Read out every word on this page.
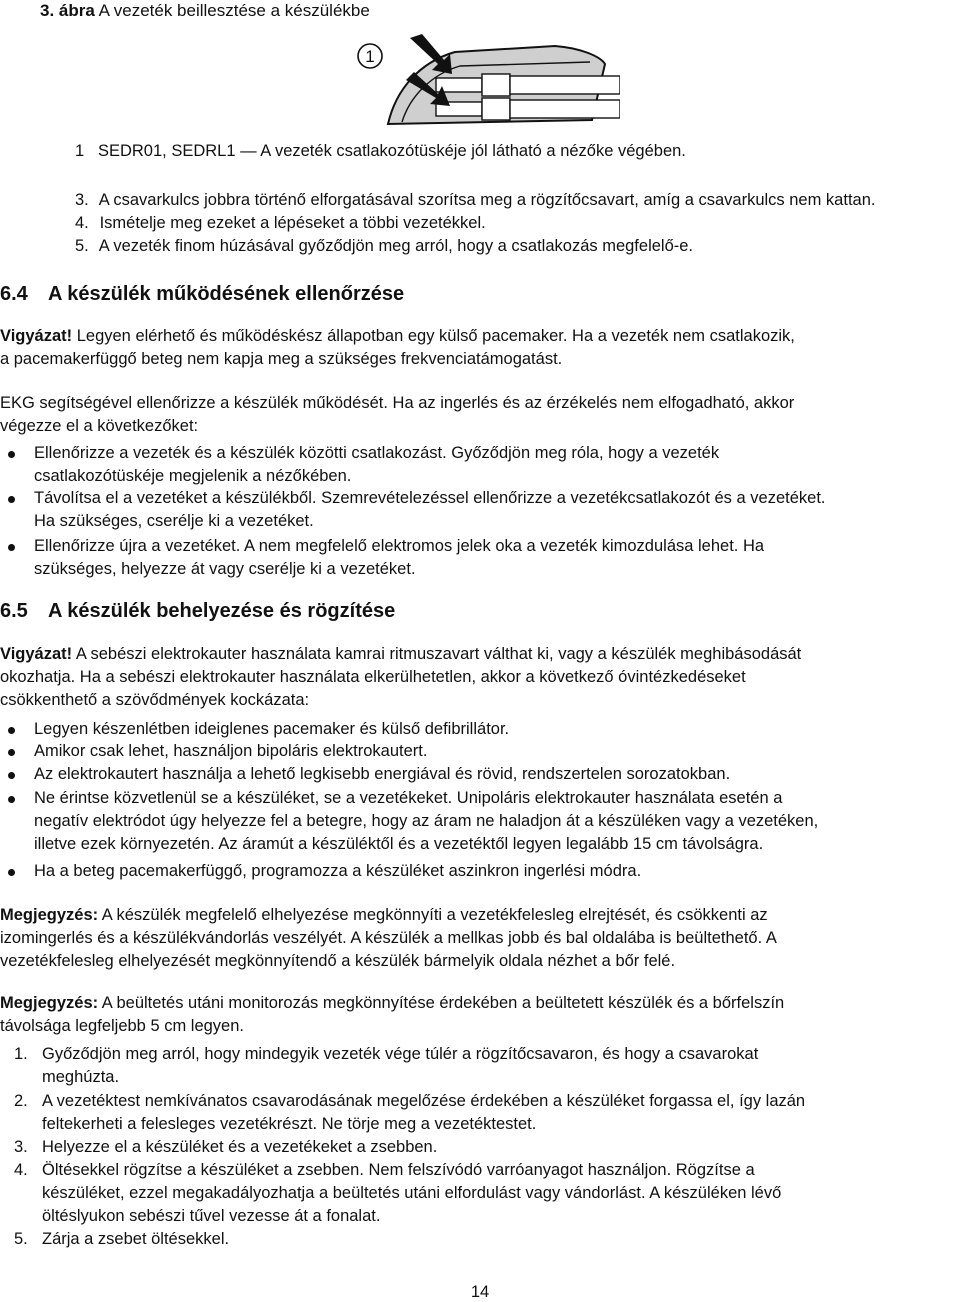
3. ábra A vezeték beillesztése a készülékbe
1
1 SEDR01, SEDRL1 — A vezeték csatlakozótüskéje jól látható a nézőke végében.
3. A csavarkulcs jobbra történő elforgatásával szorítsa meg a rögzítőcsavart, amíg a csavarkulcs nem kattan.
4. Ismételje meg ezeket a lépéseket a többi vezetékkel.
5. A vezeték finom húzásával győződjön meg arról, hogy a csatlakozás megfelelő-e.
6.4 A készülék működésének ellenőrzése
Vigyázat! Legyen elérhető és működéskész állapotban egy külső pacemaker. Ha a vezeték nem csatlakozik,
a pacemakerfüggő beteg nem kapja meg a szükséges frekvenciatámogatást.
EKG segítségével ellenőrizze a készülék működését. Ha az ingerlés és az érzékelés nem elfogadható, akkor
végezze el a következőket:
Ellenőrizze a vezeték és a készülék közötti csatlakozást. Győződjön meg róla, hogy a vezeték
csatlakozótüskéje megjelenik a nézőkében.
Távolítsa el a vezetéket a készülékből. Szemrevételezéssel ellenőrizze a vezetékcsatlakozót és a vezetéket.
Ha szükséges, cserélje ki a vezetéket.
Ellenőrizze újra a vezetéket. A nem megfelelő elektromos jelek oka a vezeték kimozdulása lehet. Ha
szükséges, helyezze át vagy cserélje ki a vezetéket.
6.5 A készülék behelyezése és rögzítése
Vigyázat! A sebészi elektrokauter használata kamrai ritmuszavart válthat ki, vagy a készülék meghibásodását
okozhatja. Ha a sebészi elektrokauter használata elkerülhetetlen, akkor a következő óvintézkedéseket
csökkenthető a szövődmények kockázata:
Legyen készenlétben ideiglenes pacemaker és külső defibrillátor.
Amikor csak lehet, használjon bipoláris elektrokautert.
Az elektrokautert használja a lehető legkisebb energiával és rövid, rendszertelen sorozatokban.
Ne érintse közvetlenül se a készüléket, se a vezetékeket. Unipoláris elektrokauter használata esetén a
negatív elektródot úgy helyezze fel a betegre, hogy az áram ne haladjon át a készüléken vagy a vezetéken,
illetve ezek környezetén. Az áramút a készüléktől és a vezetéktől legyen legalább 15 cm távolságra.
Ha a beteg pacemakerfüggő, programozza a készüléket aszinkron ingerlési módra.
Megjegyzés: A készülék megfelelő elhelyezése megkönnyíti a vezetékfelesleg elrejtését, és csökkenti az
izomingerlés és a készülékvándorlás veszélyét. A készülék a mellkas jobb és bal oldalába is beültethető. A
vezetékfelesleg elhelyezését megkönnyítendő a készülék bármelyik oldala nézhet a bőr felé.
Megjegyzés: A beültetés utáni monitorozás megkönnyítése érdekében a beültetett készülék és a bőrfelszín
távolsága legfeljebb 5 cm legyen.
1. Győződjön meg arról, hogy mindegyik vezeték vége túlér a rögzítőcsavaron, és hogy a csavarokat
meghúzta.
2. A vezetéktest nemkívánatos csavarodásának megelőzése érdekében a készüléket forgassa el, így lazán
feltekerheti a felesleges vezetékrészt. Ne törje meg a vezetéktestet.
3. Helyezze el a készüléket és a vezetékeket a zsebben.
4. Öltésekkel rögzítse a készüléket a zsebben. Nem felszívódó varróanyagot használjon. Rögzítse a
készüléket, ezzel megakadályozhatja a beültetés utáni elfordulást vagy vándorlást. A készüléken lévő
öltéslyukon sebészi tűvel vezesse át a fonalat.
5. Zárja a zsebet öltésekkel.
14
